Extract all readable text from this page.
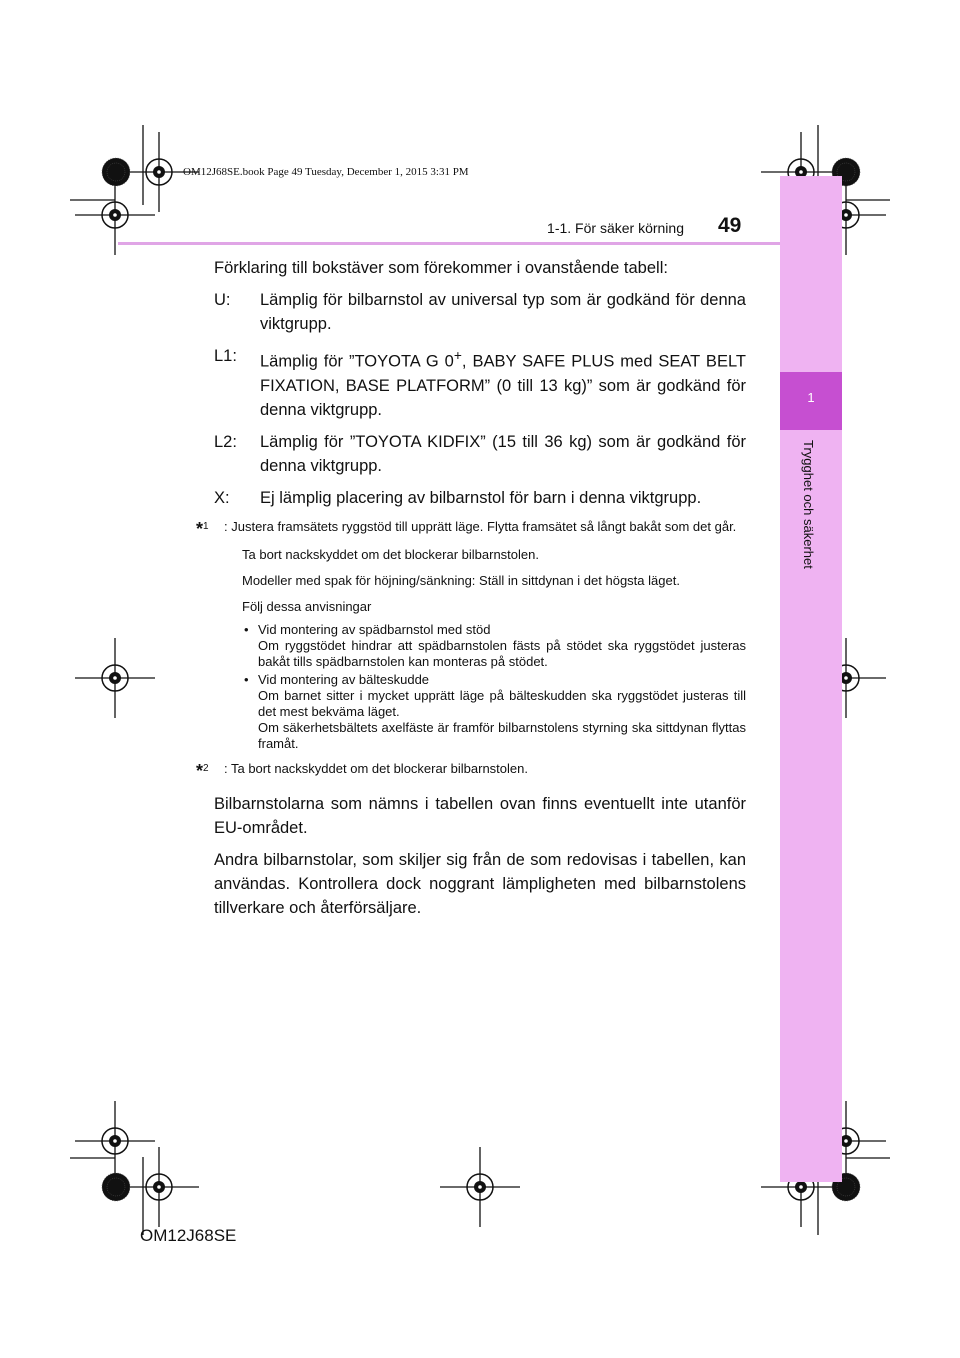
OM12J68SE.book Page 49 Tuesday, December 1, 2015 3:31 PM
1
Trygghet och säkerhet
1-1. För säker körning 49

Förklaring till bokstäver som förekommer i ovanstående tabell:

U:	Lämplig för bilbarnstol av universal typ som är godkänd för denna viktgrupp.
L1:	Lämplig för ”TOYOTA G 0+, BABY SAFE PLUS med SEAT BELT FIXATION, BASE PLATFORM” (0 till 13 kg)” som är godkänd för denna viktgrupp.
L2:	Lämplig för ”TOYOTA KIDFIX” (15 till 36 kg) som är godkänd för denna viktgrupp.
X:	Ej lämplig placering av bilbarnstol för barn i denna viktgrupp.
*$^1$	: Justera framsätets ryggstöd till upprätt läge. Flytta framsätet så långt bakåt som det går.
Ta bort nackskyddet om det blockerar bilbarnstolen.
Modeller med spak för höjning/sänkning: Ställ in sittdynan i det högsta läget.
Följ dessa anvisningar
• Vid montering av spädbarnstol med stöd
Om ryggstödet hindrar att spädbarnstolen fästs på stödet ska ryggstödet justeras bakåt tills spädbarnstolen kan monteras på stödet.
• Vid montering av bälteskudde
Om barnet sitter i mycket upprätt läge på bälteskudden ska ryggstödet justeras till det mest bekväma läget.
Om säkerhetsbältets axelfäste är framför bilbarnstolens styrning ska sittdynan flyttas framåt.
*$^2$	: Ta bort nackskyddet om det blockerar bilbarnstolen.

Bilbarnstolarna som nämns i tabellen ovan finns eventuellt inte utanför EU-området.

Andra bilbarnstolar, som skiljer sig från de som redovisas i tabellen, kan användas. Kontrollera dock noggrant lämpligheten med bilbarnstolens tillverkare och återförsäljare.

OM12J68SE
